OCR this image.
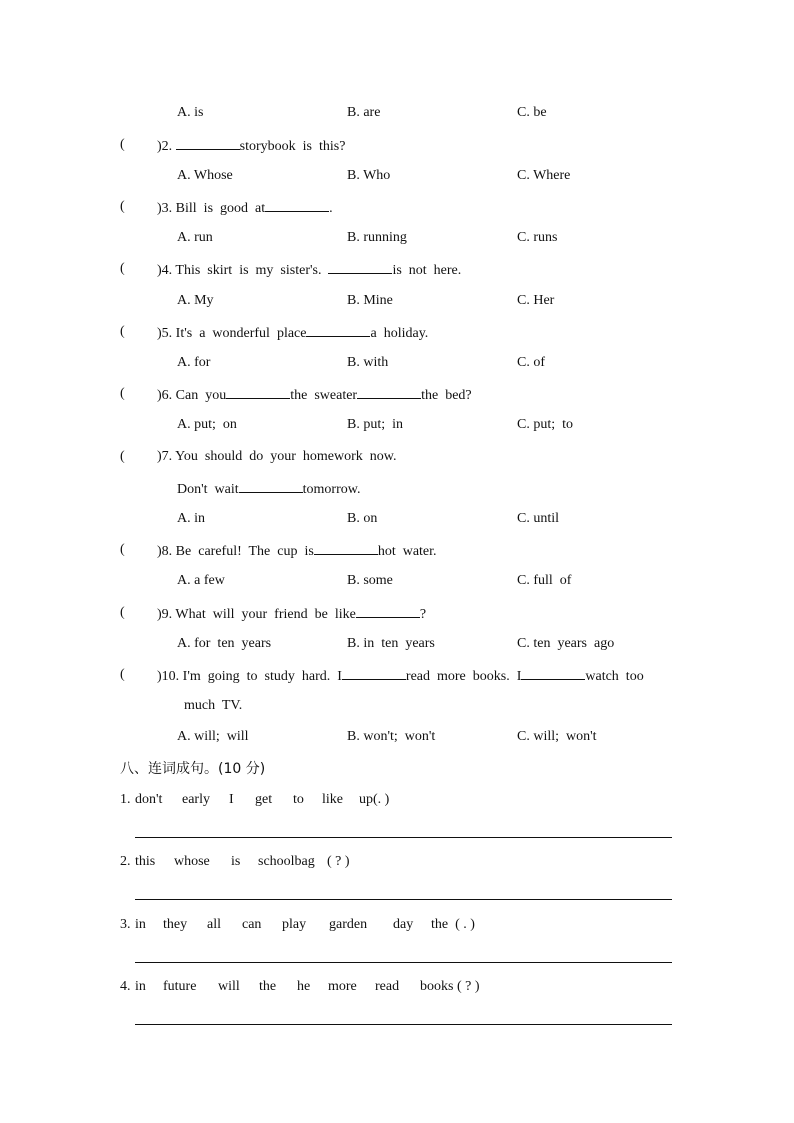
A. is	B. are	C. be
( )2.	storybook  is  this?
A. Whose	B. Who	C. Where
( )3. Bill  is  good  at	.
A. run	B. running	C. runs
( )4. This  skirt  is  my  sister's.	is  not  here.
A. My	B. Mine	C. Her
( )5. It's  a  wonderful  place	a  holiday.
A. for	B. with	C. of
( )6. Can  you	the  sweater	the  bed?
A. put;  on	B. put;  in	C. put;  to
( )7. You  should  do  your  homework  now.
Don't  wait	tomorrow.
A. in	B. on	C. until
( )8. Be  careful!  The  cup  is	hot  water.
A. a few	B. some	C. full  of
( )9. What  will  your  friend  be  like	?
A. for  ten  years	B. in  ten  years	C. ten  years  ago
( )10. I'm  going  to  study  hard.  I	read  more  books.  I	watch  too
much  TV.
A. will;  will	B. won't;  won't	C. will;  won't
八、连词成句。(10 分)
1. don't early I get to like up(. )
2. this whose is schoolbag ( ? )
3. in they all can play garden day the  ( . )
4. in future will the he more read books ( ? )
